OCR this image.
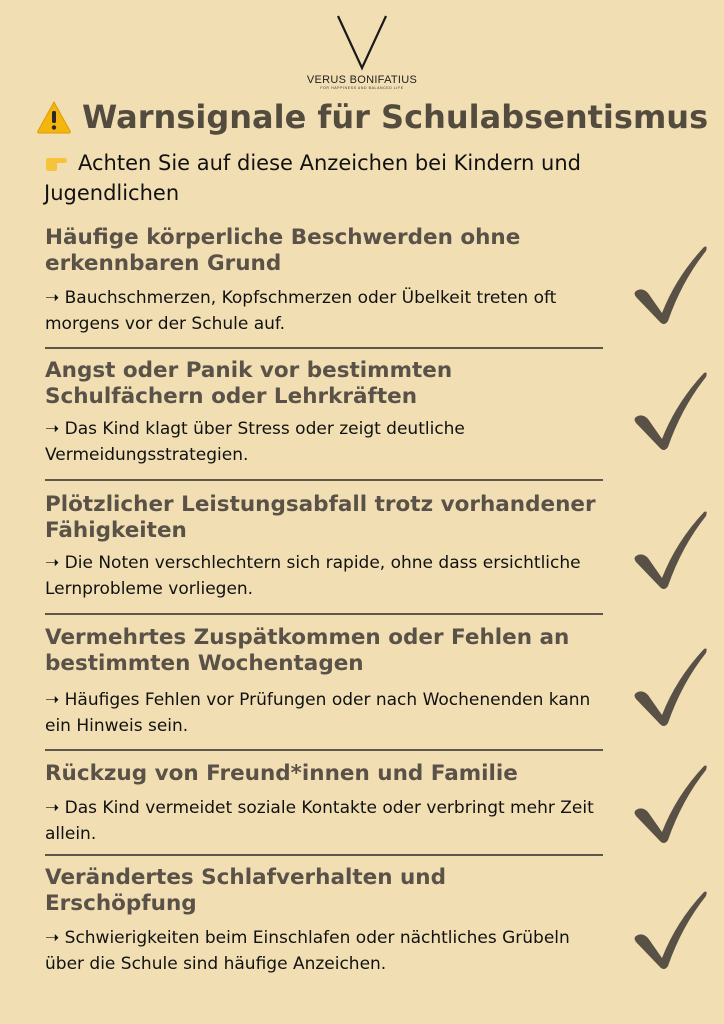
VERUS BONIFATIUS
FOR HAPPINESS AND BALANCED LIFE
Warnsignale für Schulabsentismus
Achten Sie auf diese Anzeichen bei Kindern und Jugendlichen
Häufige körperliche Beschwerden ohne erkennbaren Grund

➝ Bauchschmerzen, Kopfschmerzen oder Übelkeit treten oft morgens vor der Schule auf.

Angst oder Panik vor bestimmten Schulfächern oder Lehrkräften

➝ Das Kind klagt über Stress oder zeigt deutliche Vermeidungsstrategien.

Plötzlicher Leistungsabfall trotz vorhandener Fähigkeiten

➝ Die Noten verschlechtern sich rapide, ohne dass ersichtliche Lernprobleme vorliegen.

Vermehrtes Zuspätkommen oder Fehlen an bestimmten Wochentagen

➝ Häufiges Fehlen vor Prüfungen oder nach Wochenenden kann ein Hinweis sein.

Rückzug von Freund*innen und Familie

➝ Das Kind vermeidet soziale Kontakte oder verbringt mehr Zeit allein.

Verändertes Schlafverhalten und Erschöpfung

➝ Schwierigkeiten beim Einschlafen oder nächtliches Grübeln über die Schule sind häufige Anzeichen.
